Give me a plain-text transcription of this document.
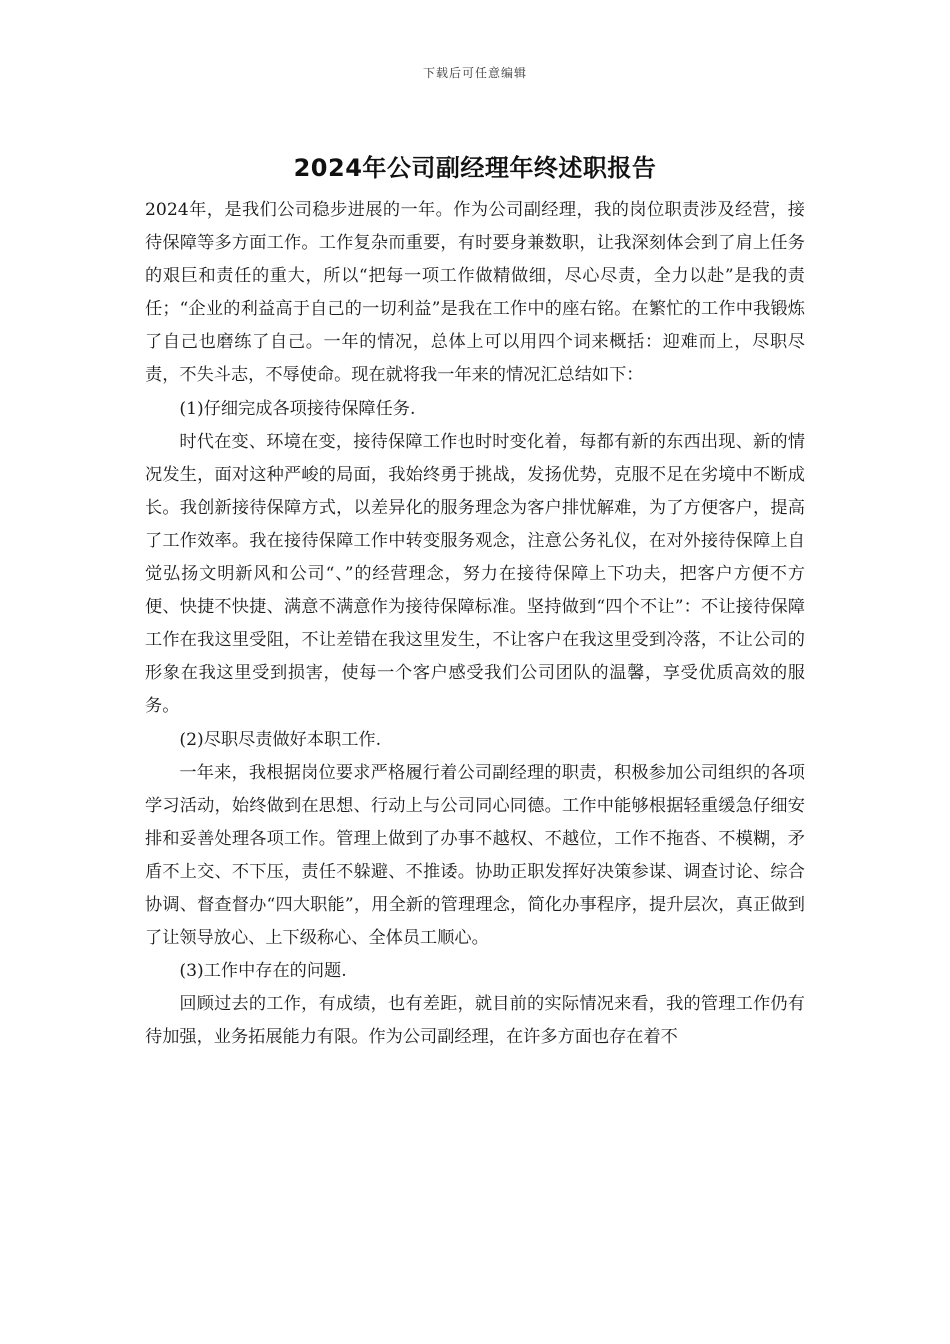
下载后可任意编辑
2024年公司副经理年终述职报告

2024年，是我们公司稳步进展的一年。作为公司副经理，我的岗位职责涉及经营，接待保障等多方面工作。工作复杂而重要，有时要身兼数职，让我深刻体会到了肩上任务的艰巨和责任的重大，所以“把每一项工作做精做细，尽心尽责，全力以赴”是我的责任；“企业的利益高于自己的一切利益”是我在工作中的座右铭。在繁忙的工作中我锻炼了自己也磨练了自己。一年的情况，总体上可以用四个词来概括：迎难而上，尽职尽责，不失斗志，不辱使命。现在就将我一年来的情况汇总结如下：

(1)仔细完成各项接待保障任务.

时代在变、环境在变，接待保障工作也时时变化着，每都有新的东西出现、新的情况发生，面对这种严峻的局面，我始终勇于挑战，发扬优势，克服不足在劣境中不断成长。我创新接待保障方式，以差异化的服务理念为客户排忧解难，为了方便客户，提高了工作效率。我在接待保障工作中转变服务观念，注意公务礼仪，在对外接待保障上自觉弘扬文明新风和公司“、”的经营理念，努力在接待保障上下功夫，把客户方便不方便、快捷不快捷、满意不满意作为接待保障标准。坚持做到“四个不让”：不让接待保障工作在我这里受阻，不让差错在我这里发生，不让客户在我这里受到冷落，不让公司的形象在我这里受到损害，使每一个客户感受我们公司团队的温馨，享受优质高效的服务。

(2)尽职尽责做好本职工作.

一年来，我根据岗位要求严格履行着公司副经理的职责，积极参加公司组织的各项学习活动，始终做到在思想、行动上与公司同心同德。工作中能够根据轻重缓急仔细安排和妥善处理各项工作。管理上做到了办事不越权、不越位，工作不拖沓、不模糊，矛盾不上交、不下压，责任不躲避、不推诿。协助正职发挥好决策参谋、调查讨论、综合协调、督查督办“四大职能”，用全新的管理理念，简化办事程序，提升层次，真正做到了让领导放心、上下级称心、全体员工顺心。

(3)工作中存在的问题.

回顾过去的工作，有成绩，也有差距，就目前的实际情况来看，我的管理工作仍有待加强，业务拓展能力有限。作为公司副经理，在许多方面也存在着不
